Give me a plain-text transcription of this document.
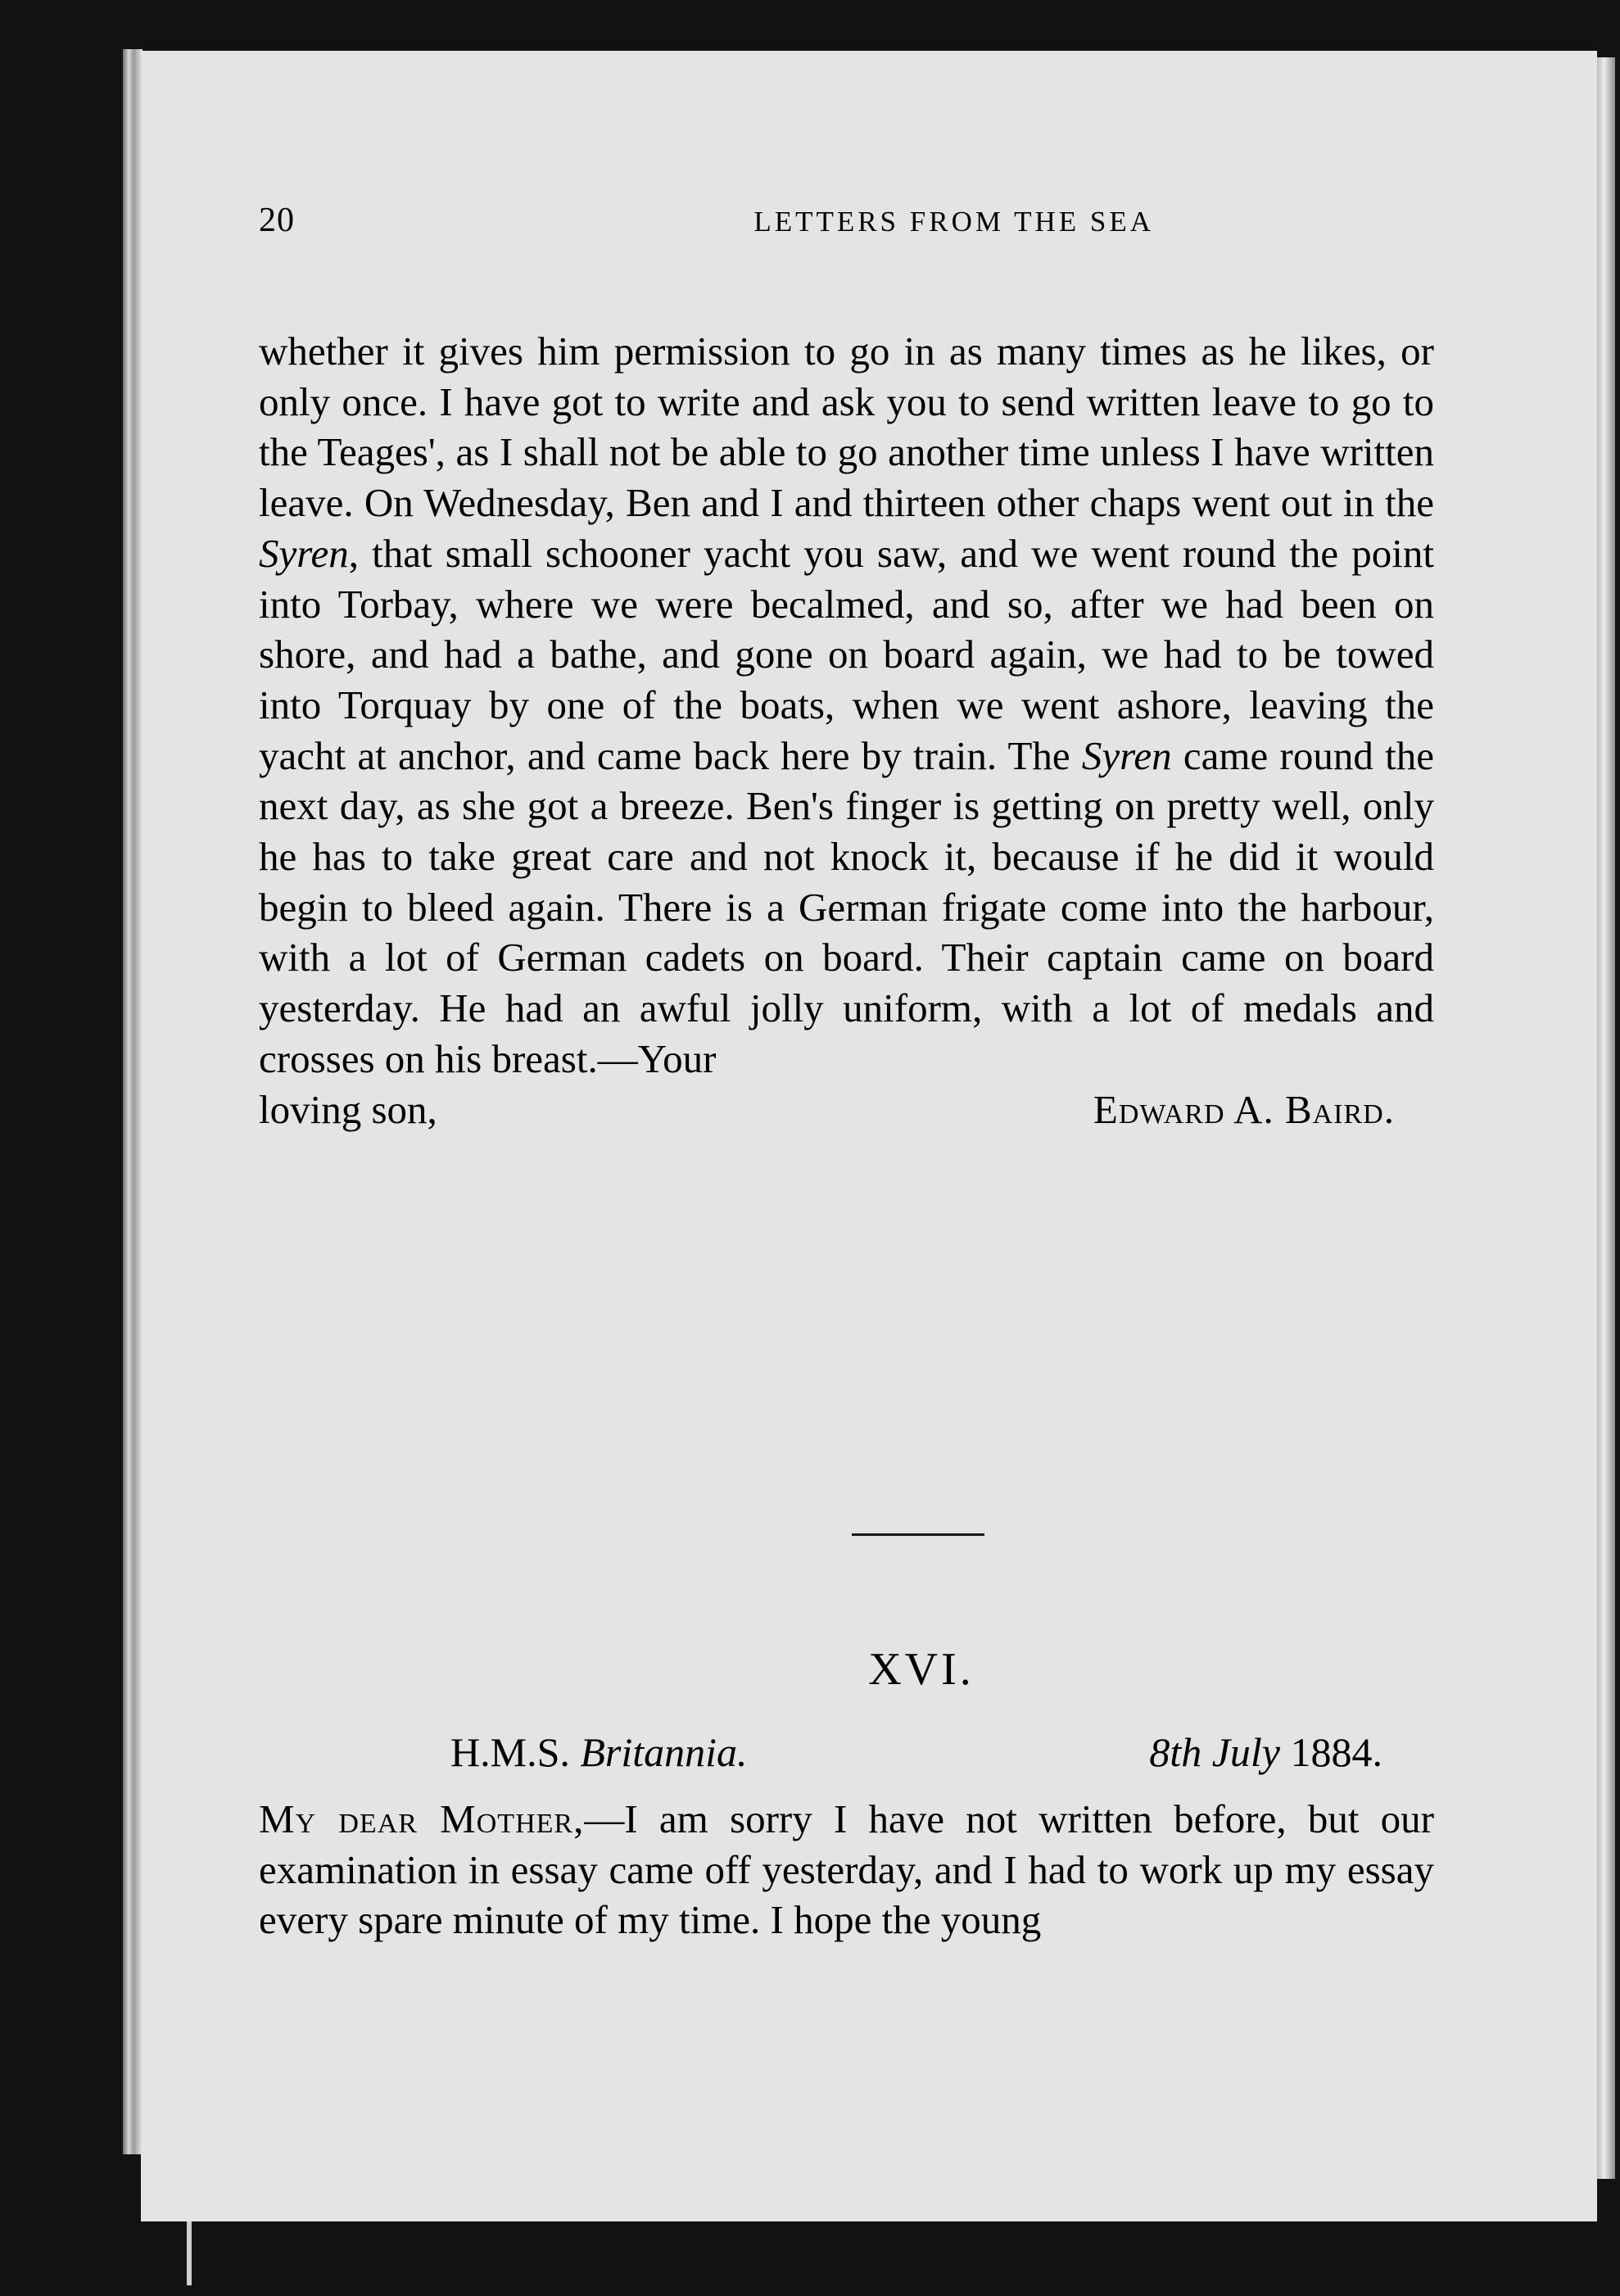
20	LETTERS FROM THE SEA
whether it gives him permission to go in as many times as he likes, or only once. I have got to write and ask you to send written leave to go to the Teages', as I shall not be able to go another time unless I have written leave. On Wednesday, Ben and I and thirteen other chaps went out in the Syren, that small schooner yacht you saw, and we went round the point into Torbay, where we were becalmed, and so, after we had been on shore, and had a bathe, and gone on board again, we had to be towed into Torquay by one of the boats, when we went ashore, leaving the yacht at anchor, and came back here by train. The Syren came round the next day, as she got a breeze. Ben's finger is getting on pretty well, only he has to take great care and not knock it, because if he did it would begin to bleed again. There is a German frigate come into the harbour, with a lot of German cadets on board. Their captain came on board yesterday. He had an awful jolly uniform, with a lot of medals and crosses on his breast.—Your
loving son,	Edward A. Baird.
XVI.
H.M.S. Britannia.	8th July 1884.
My dear Mother,—I am sorry I have not written before, but our examination in essay came off yesterday, and I had to work up my essay every spare minute of my time. I hope the young
